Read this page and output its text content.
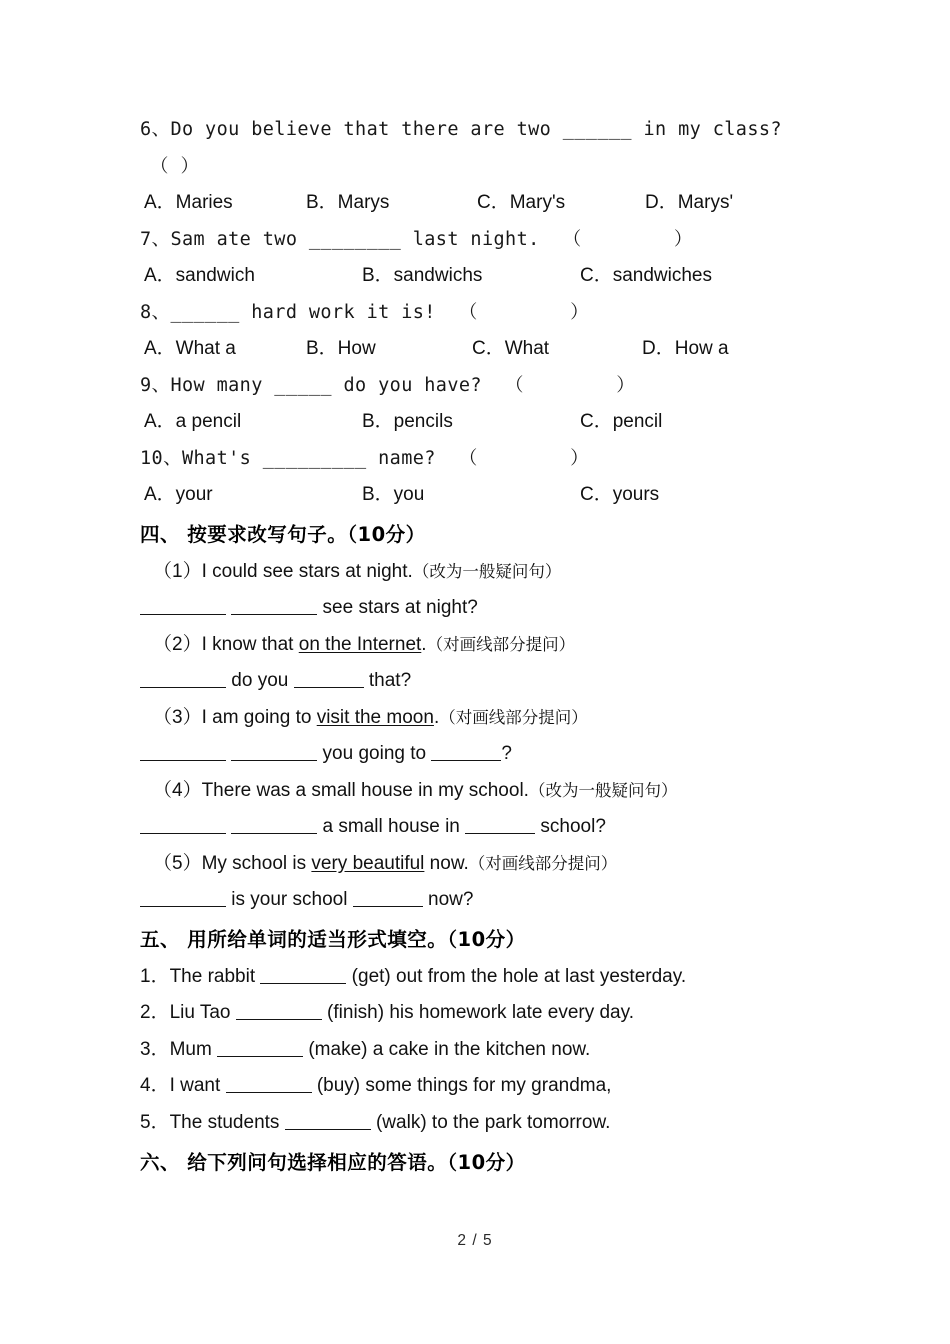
6、Do you believe that there are two ______ in my class?

（ ）

A．Maries	B．Marys	C．Mary's	D．Marys'

7、Sam ate two ________ last night.  （        ）

A．sandwich	B．sandwichs	C．sandwiches

8、______ hard work it is!  （        ）

A．What a	B．How	C．What	D．How a

9、How many _____ do you have?  （        ）

A．a pencil	B．pencils	C．pencil

10、What's _________ name?  （        ）

A．your	B．you	C．yours

四、 按要求改写句子。（10分）

（1）I could see stars at night.（改为一般疑问句）

see stars at night?

（2）I know that on the Internet.（对画线部分提问）

do you	that?

（3）I am going to visit the moon.（对画线部分提问）

you going to	?

（4）There was a small house in my school.（改为一般疑问句）

a small house in	school?

（5）My school is very beautiful now.（对画线部分提问）

is your school	now?

五、 用所给单词的适当形式填空。（10分）

1．The rabbit	(get) out from the hole at last yesterday.

2．Liu Tao	(finish) his homework late every day.

3．Mum	(make) a cake in the kitchen now.

4．I want	(buy) some things for my grandma,

5．The students	(walk) to the park tomorrow.

六、 给下列问句选择相应的答语。（10分）

2 / 5
